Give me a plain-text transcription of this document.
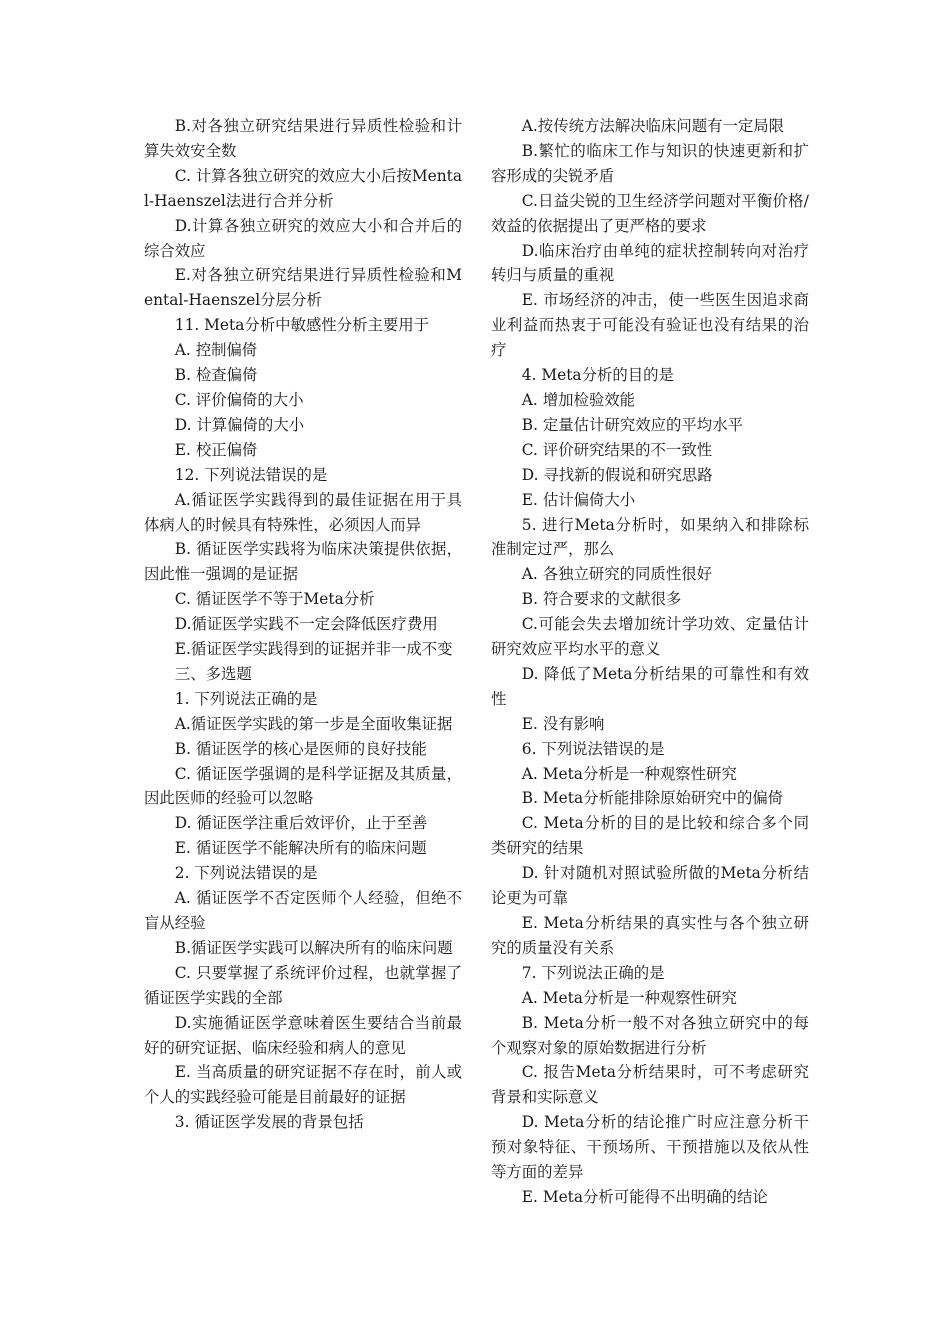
B.对各独立研究结果进行异质性检验和计算失效安全数

C. 计算各独立研究的效应大小后按Mental-Haenszel法进行合并分析

D.计算各独立研究的效应大小和合并后的综合效应

E.对各独立研究结果进行异质性检验和Mental-Haenszel分层分析

11. Meta分析中敏感性分析主要用于

A. 控制偏倚

B. 检查偏倚

C. 评价偏倚的大小

D. 计算偏倚的大小

E. 校正偏倚

12. 下列说法错误的是

A.循证医学实践得到的最佳证据在用于具体病人的时候具有特殊性，必须因人而异

B. 循证医学实践将为临床决策提供依据，因此惟一强调的是证据

C. 循证医学不等于Meta分析

D.循证医学实践不一定会降低医疗费用

E.循证医学实践得到的证据并非一成不变

三、多选题

1. 下列说法正确的是

A.循证医学实践的第一步是全面收集证据

B. 循证医学的核心是医师的良好技能

C. 循证医学强调的是科学证据及其质量，因此医师的经验可以忽略

D. 循证医学注重后效评价，止于至善

E. 循证医学不能解决所有的临床问题

2. 下列说法错误的是

A. 循证医学不否定医师个人经验，但绝不盲从经验

B.循证医学实践可以解决所有的临床问题

C. 只要掌握了系统评价过程，也就掌握了循证医学实践的全部

D.实施循证医学意味着医生要结合当前最好的研究证据、临床经验和病人的意见

E. 当高质量的研究证据不存在时，前人或个人的实践经验可能是目前最好的证据

3. 循证医学发展的背景包括

A.按传统方法解决临床问题有一定局限

B.繁忙的临床工作与知识的快速更新和扩容形成的尖锐矛盾

C.日益尖锐的卫生经济学问题对平衡价格/效益的依据提出了更严格的要求

D.临床治疗由单纯的症状控制转向对治疗转归与质量的重视

E. 市场经济的冲击，使一些医生因追求商业利益而热衷于可能没有验证也没有结果的治疗

4. Meta分析的目的是

A. 增加检验效能

B. 定量估计研究效应的平均水平

C. 评价研究结果的不一致性

D. 寻找新的假说和研究思路

E. 估计偏倚大小

5. 进行Meta分析时，如果纳入和排除标准制定过严，那么

A. 各独立研究的同质性很好

B. 符合要求的文献很多

C.可能会失去增加统计学功效、定量估计研究效应平均水平的意义

D. 降低了Meta分析结果的可靠性和有效性

E. 没有影响

6. 下列说法错误的是

A. Meta分析是一种观察性研究

B. Meta分析能排除原始研究中的偏倚

C. Meta分析的目的是比较和综合多个同类研究的结果

D. 针对随机对照试验所做的Meta分析结论更为可靠

E. Meta分析结果的真实性与各个独立研究的质量没有关系

7. 下列说法正确的是

A. Meta分析是一种观察性研究

B. Meta分析一般不对各独立研究中的每个观察对象的原始数据进行分析

C. 报告Meta分析结果时，可不考虑研究背景和实际意义

D. Meta分析的结论推广时应注意分析干预对象特征、干预场所、干预措施以及依从性等方面的差异

E. Meta分析可能得不出明确的结论
